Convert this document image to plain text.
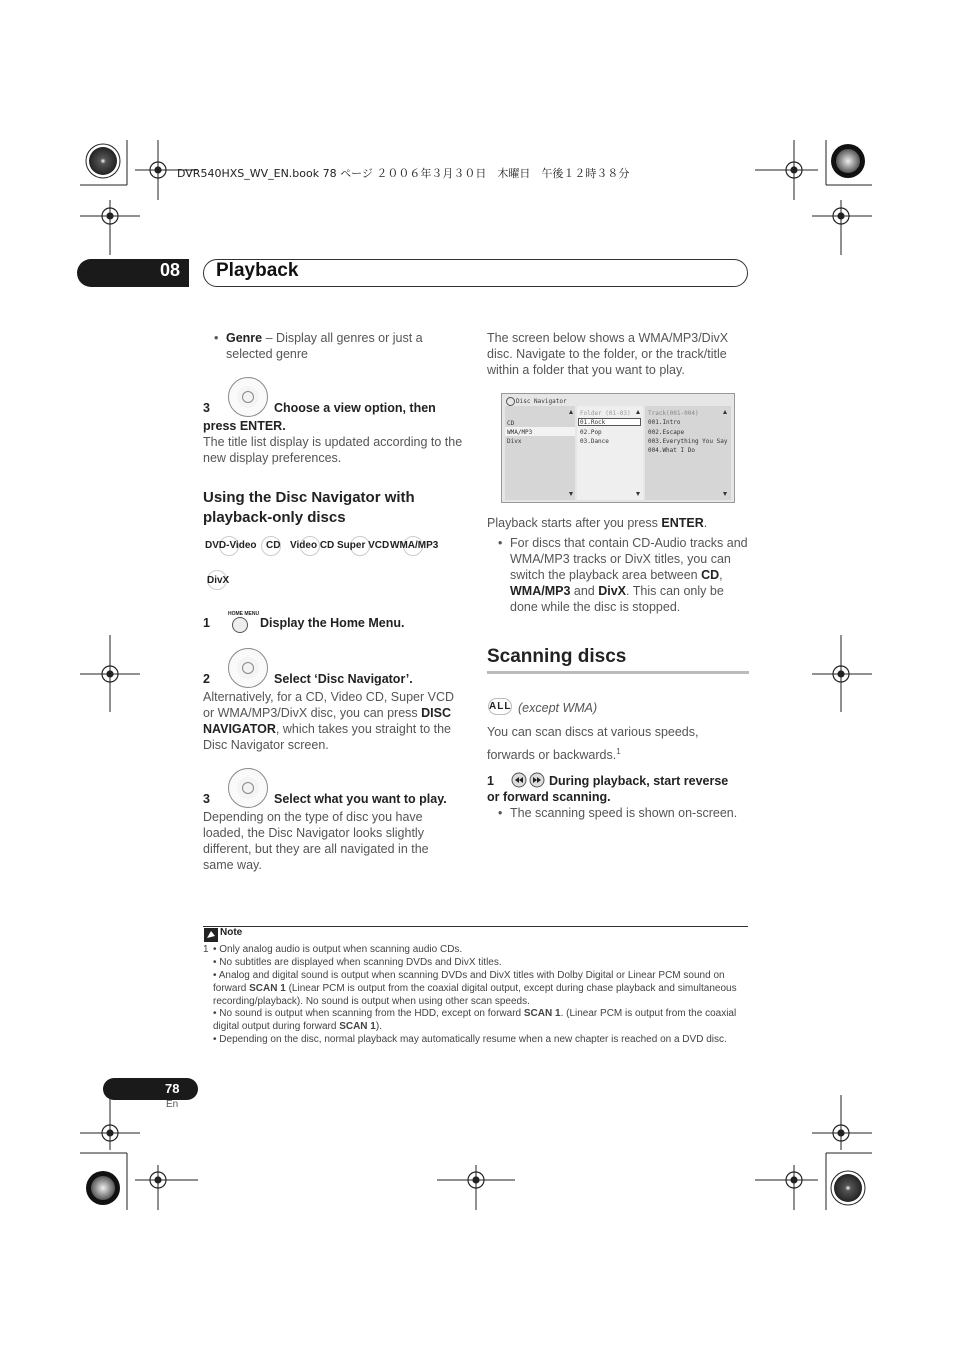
DVR540HXS_WV_EN.book 78 ページ ２００６年３月３０日　木曜日　午後１２時３８分
08 Playback
• Genre – Display all genres or just a selected genre
3	Choose a view option, then
press ENTER.
The title list display is updated according to the new display preferences.
Using the Disc Navigator with playback-only discs
DVD-Video CD Video CD Super VCD WMA/MP3
DivX
HOME MENU
1	Display the Home Menu.
2	Select ‘Disc Navigator’.
Alternatively, for a CD, Video CD, Super VCD or WMA/MP3/DivX disc, you can press DISC NAVIGATOR, which takes you straight to the Disc Navigator screen.
3	Select what you want to play.
Depending on the type of disc you have loaded, the Disc Navigator looks slightly different, but they are all navigated in the same way.
The screen below shows a WMA/MP3/DivX disc. Navigate to the folder, or the track/title within a folder that you want to play.
Disc Navigator
CD
WMA/MP3
Divx
Folder (01-03)
01.Rock
02.Pop
03.Dance
Track(001-004)
001.Intro
002.Escape
003.Everything You Say
004.What I Do
Playback starts after you press ENTER.
• For discs that contain CD-Audio tracks and WMA/MP3 tracks or DivX titles, you can switch the playback area between CD, WMA/MP3 and DivX. This can only be done while the disc is stopped.
Scanning discs
ALL (except WMA)
You can scan discs at various speeds, forwards or backwards.$^1$
1	During playback, start reverse
or forward scanning.
• The scanning speed is shown on-screen.
Note
1 • Only analog audio is output when scanning audio CDs.
• No subtitles are displayed when scanning DVDs and DivX titles.
• Analog and digital sound is output when scanning DVDs and DivX titles with Dolby Digital or Linear PCM sound on forward SCAN 1 (Linear PCM is output from the coaxial digital output, except during chase playback and simultaneous recording/playback). No sound is output when using other scan speeds.
• No sound is output when scanning from the HDD, except on forward SCAN 1. (Linear PCM is output from the coaxial digital output during forward SCAN 1).
• Depending on the disc, normal playback may automatically resume when a new chapter is reached on a DVD disc.
78
En
